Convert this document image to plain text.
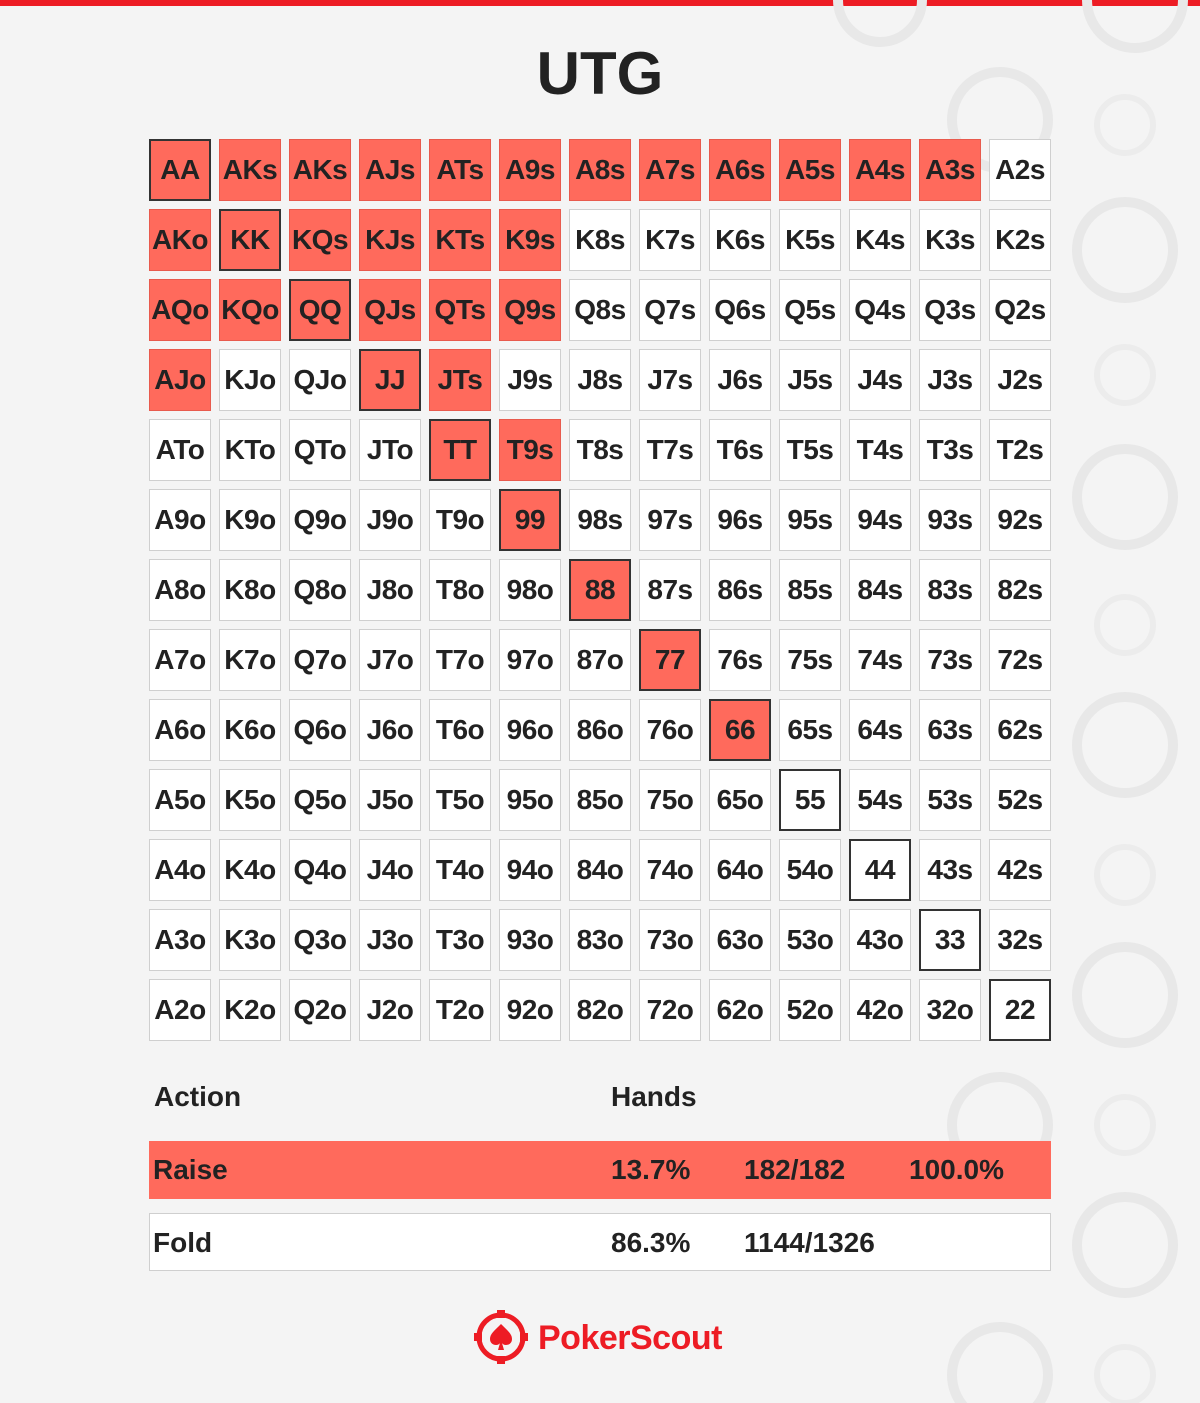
UTG
AA AKs AKs AJs ATs A9s A8s A7s A6s A5s A4s A3s A2s
AKo KK KQs KJs KTs K9s K8s K7s K6s K5s K4s K3s K2s
AQo KQo QQ QJs QTs Q9s Q8s Q7s Q6s Q5s Q4s Q3s Q2s
AJo KJo QJo	JJ	JTs J9s J8s J7s J6s J5s J4s J3s J2s
ATo KTo QTo JTo	TT	T9s T8s T7s T6s T5s T4s T3s T2s
A9o K9o Q9o J9o T9o	99	98s 97s 96s 95s 94s 93s 92s
A8o K8o Q8o J8o T8o 98o	88	87s 86s 85s 84s 83s 82s
A7o K7o Q7o J7o T7o 97o 87o	77	76s 75s 74s 73s 72s
A6o K6o Q6o J6o T6o 96o 86o 76o	66	65s 64s 63s 62s
A5o K5o Q5o J5o T5o 95o 85o 75o 65o	55	54s 53s 52s
A4o K4o Q4o J4o T4o 94o 84o 74o 64o 54o	44	43s 42s
A3o K3o Q3o J3o T3o 93o 83o 73o 63o 53o 43o	33	32s
A2o K2o Q2o J2o T2o 92o 82o 72o 62o 52o 42o 32o	22
Action	Hands
Raise	13.7% 182/182 100.0%
Fold	86.3% 1144/1326
PokerScout
